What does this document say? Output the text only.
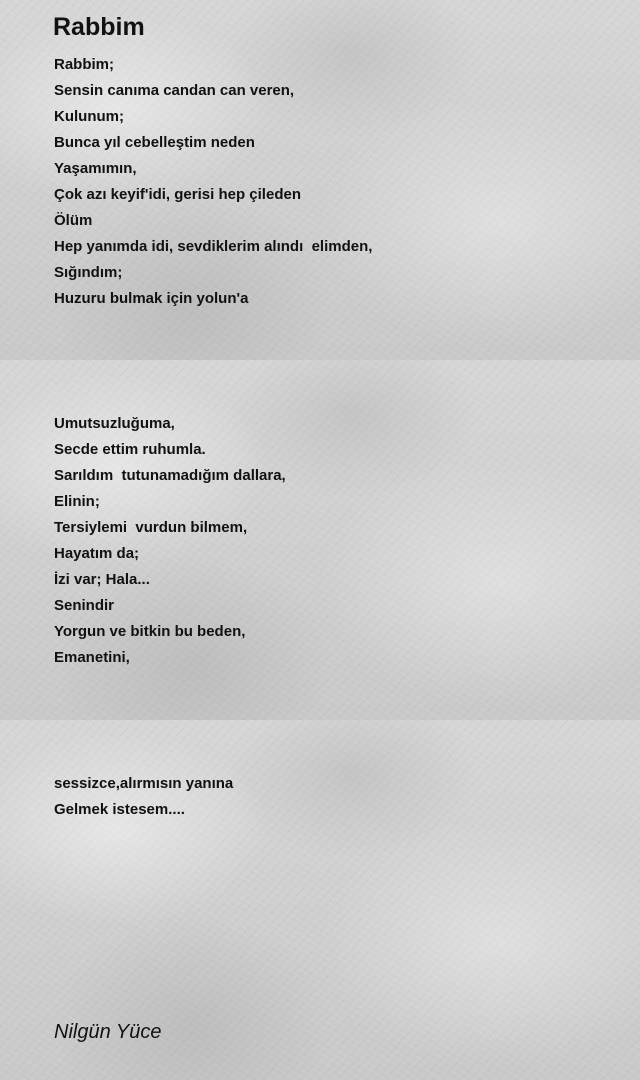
Rabbim
Rabbim;
Sensin canıma candan can veren,
Kulunum;
Bunca yıl cebelleştim neden
Yaşamımın,
Çok azı keyif'idi, gerisi hep çileden
Ölüm
Hep yanımda idi, sevdiklerim alındı  elimden,
Sığındım;
Huzuru bulmak için yolun'a
Umutsuzluğuma,
Secde ettim ruhumla.
Sarıldım  tutunamadığım dallara,
Elinin;
Tersiylemi  vurdun bilmem,
Hayatım da;
İzi var; Hala...
Senindir
Yorgun ve bitkin bu beden,
Emanetini,
sessizce,alırmısın yanına
Gelmek istesem....
Nilgün Yüce
